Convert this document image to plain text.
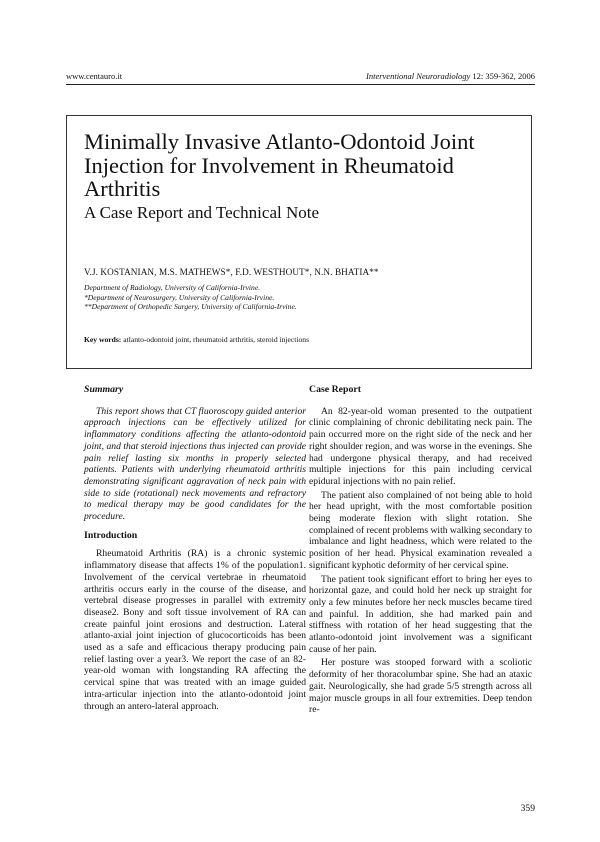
www.centauro.it	Interventional Neuroradiology 12: 359-362, 2006
Minimally Invasive Atlanto-Odontoid Joint Injection for Involvement in Rheumatoid Arthritis
A Case Report and Technical Note
V.J. KOSTANIAN, M.S. MATHEWS*, F.D. WESTHOUT*, N.N. BHATIA**
Department of Radiology, University of California-Irvine.
*Department of Neurosurgery, University of California-Irvine.
**Department of Orthopedic Surgery, University of California-Irvine.
Key words: atlanto-odontoid joint, rheumatoid arthritis, steroid injections
Summary

This report shows that CT fluoroscopy guided anterior approach injections can be effectively utilized for inflammatory conditions affecting the atlanto-odontoid joint, and that steroid injections thus injected can provide pain relief lasting six months in properly selected patients. Patients with underlying rheumatoid arthritis demonstrating significant aggravation of neck pain with side to side (rotational) neck movements and refractory to medical therapy may be good candidates for the procedure.

Introduction

Rheumatoid Arthritis (RA) is a chronic systemic inflammatory disease that affects 1% of the population1. Involvement of the cervical vertebrae in rheumatoid arthritis occurs early in the course of the disease, and vertebral disease progresses in parallel with extremity disease2. Bony and soft tissue involvement of RA can create painful joint erosions and destruction. Lateral atlanto-axial joint injection of glucocorticoids has been used as a safe and efficacious therapy producing pain relief lasting over a year3. We report the case of an 82-year-old woman with longstanding RA affecting the cervical spine that was treated with an image guided intra-articular injection into the atlanto-odontoid joint through an antero-lateral approach.

Case Report

An 82-year-old woman presented to the outpatient clinic complaining of chronic debilitating neck pain. The pain occurred more on the right side of the neck and her right shoulder region, and was worse in the evenings. She had undergone physical therapy, and had received multiple injections for this pain including cervical epidural injections with no pain relief.

The patient also complained of not being able to hold her head upright, with the most comfortable position being moderate flexion with slight rotation. She complained of recent problems with walking secondary to imbalance and light headness, which were related to the position of her head. Physical examination revealed a significant kyphotic deformity of her cervical spine.

The patient took significant effort to bring her eyes to horizontal gaze, and could hold her neck up straight for only a few minutes before her neck muscles became tired and painful. In addition, she had marked pain and stiffness with rotation of her head suggesting that the atlanto-odontoid joint involvement was a significant cause of her pain.

Her posture was stooped forward with a scoliotic deformity of her thoracolumbar spine. She had an ataxic gait. Neurologically, she had grade 5/5 strength across all major muscle groups in all four extremities. Deep tendon re-

359
